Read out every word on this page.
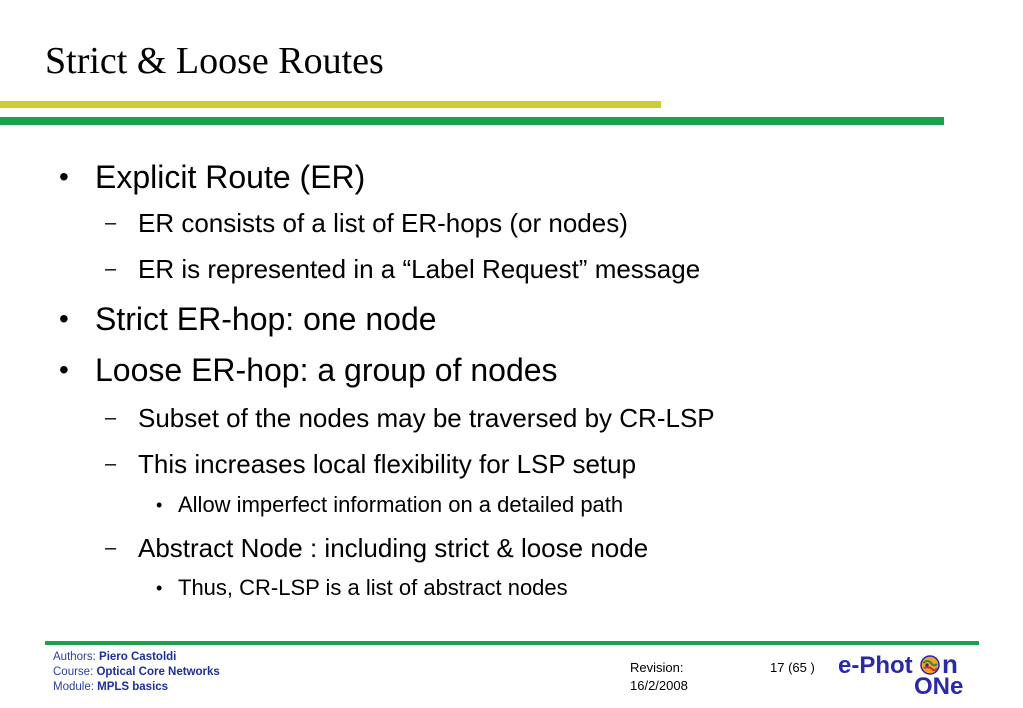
Strict & Loose Routes
• Explicit Route (ER)
– ER consists of a list of ER-hops (or nodes)
– ER is represented in a “Label Request” message
• Strict ER-hop: one node
• Loose ER-hop: a group of nodes
– Subset of the nodes may be traversed by CR-LSP
– This increases local flexibility for LSP setup
• Allow imperfect information on a detailed path
– Abstract Node : including strict & loose node
• Thus, CR-LSP is a list of abstract nodes
Authors: Piero Castoldi
Course: Optical Core Networks
Module: MPLS basics
Revision:
16/2/2008
17 (65 ) e-Phot n
ONe
